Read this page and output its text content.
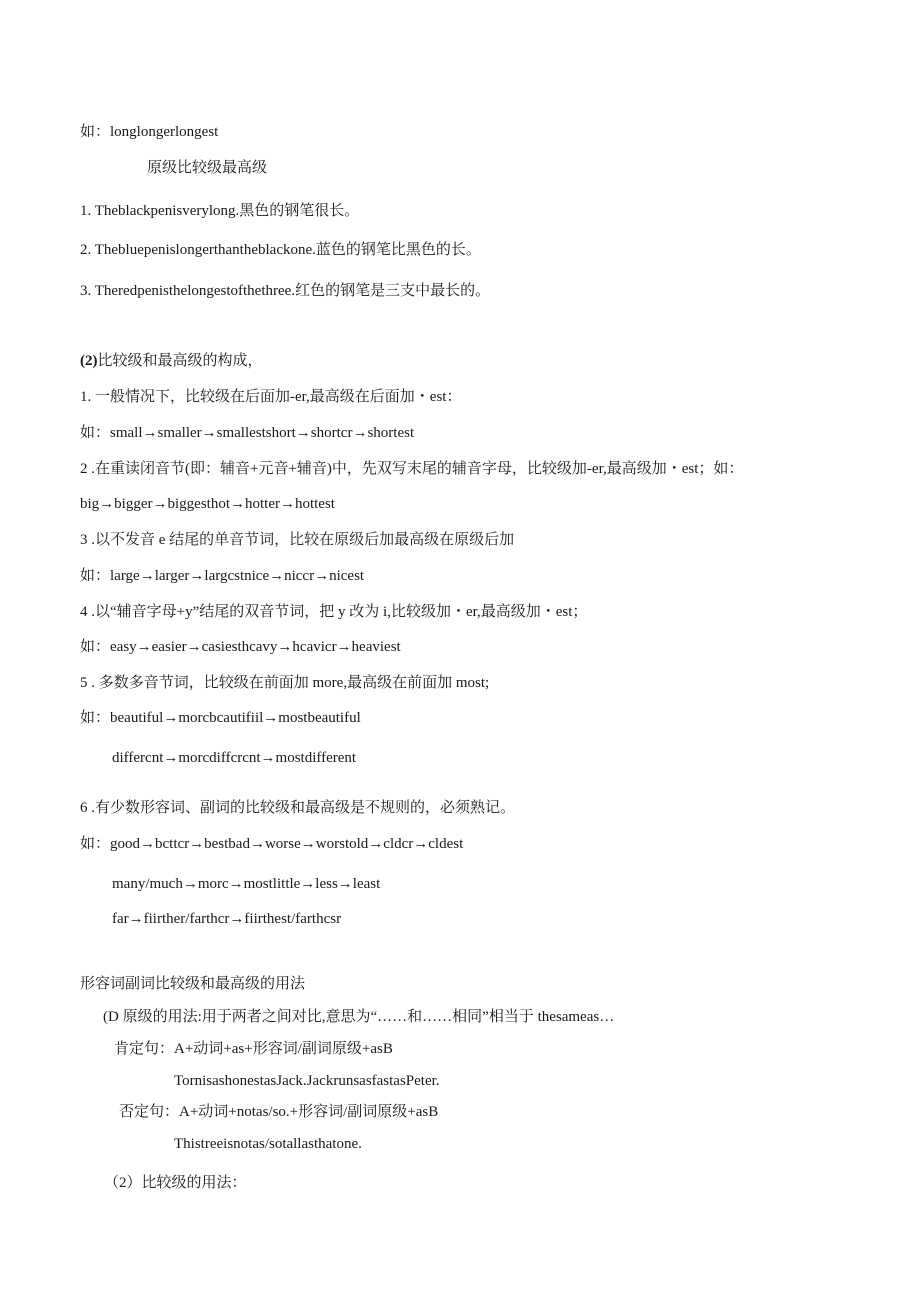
如：longlongerlongest
原级比较级最高级
1. Theblackpenisverylong.黑色的钢笔很长。
2. Thebluepenislongerthantheblackone.蓝色的钢笔比黑色的长。
3. Theredpenisthelongestofthethree.红色的钢笔是三支中最长的。
(2)比较级和最高级的构成，
1. 一般情况下，比较级在后面加-er,最高级在后面加・est：
如：small→smaller→smallestshort→shortcr→shortest
2 .在重读闭音节(即：辅音+元音+辅音)中，先双写末尾的辅音字母，比较级加-er,最高级加・est；如：
big→bigger→biggesthot→hotter→hottest
3 .以不发音 e 结尾的单音节词，比较在原级后加最高级在原级后加
如：large→larger→largcstnice→niccr→nicest
4 .以“辅音字母+y”结尾的双音节词，把 y 改为 i,比较级加・er,最高级加・est；
如：easy→easier→casiesthcavy→hcavicr→heaviest
5 . 多数多音节词，比较级在前面加 more,最高级在前面加 most;
如：beautiful→morcbcautifiil→mostbeautiful
differcnt→morcdiffcrcnt→mostdifferent
6 .有少数形容词、副词的比较级和最高级是不规则的，必须熟记。
如：good→bcttcr→bestbad→worse→worstold→cldcr→cldest
many/much→morc→mostlittle→less→least
far→fiirther/farthcr→fiirthest/farthcsr
形容词副词比较级和最高级的用法
(D 原级的用法:用于两者之间对比,意思为“……和……相同”相当于 thesameas…
肯定句：A+动词+as+形容词/副词原级+asB
TornisashonestasJack.JackrunsasfastasPeter.
否定句：A+动词+notas/so.+形容词/副词原级+asB
Thistreeisnotas/sotallasthatone.
（2）比较级的用法：
